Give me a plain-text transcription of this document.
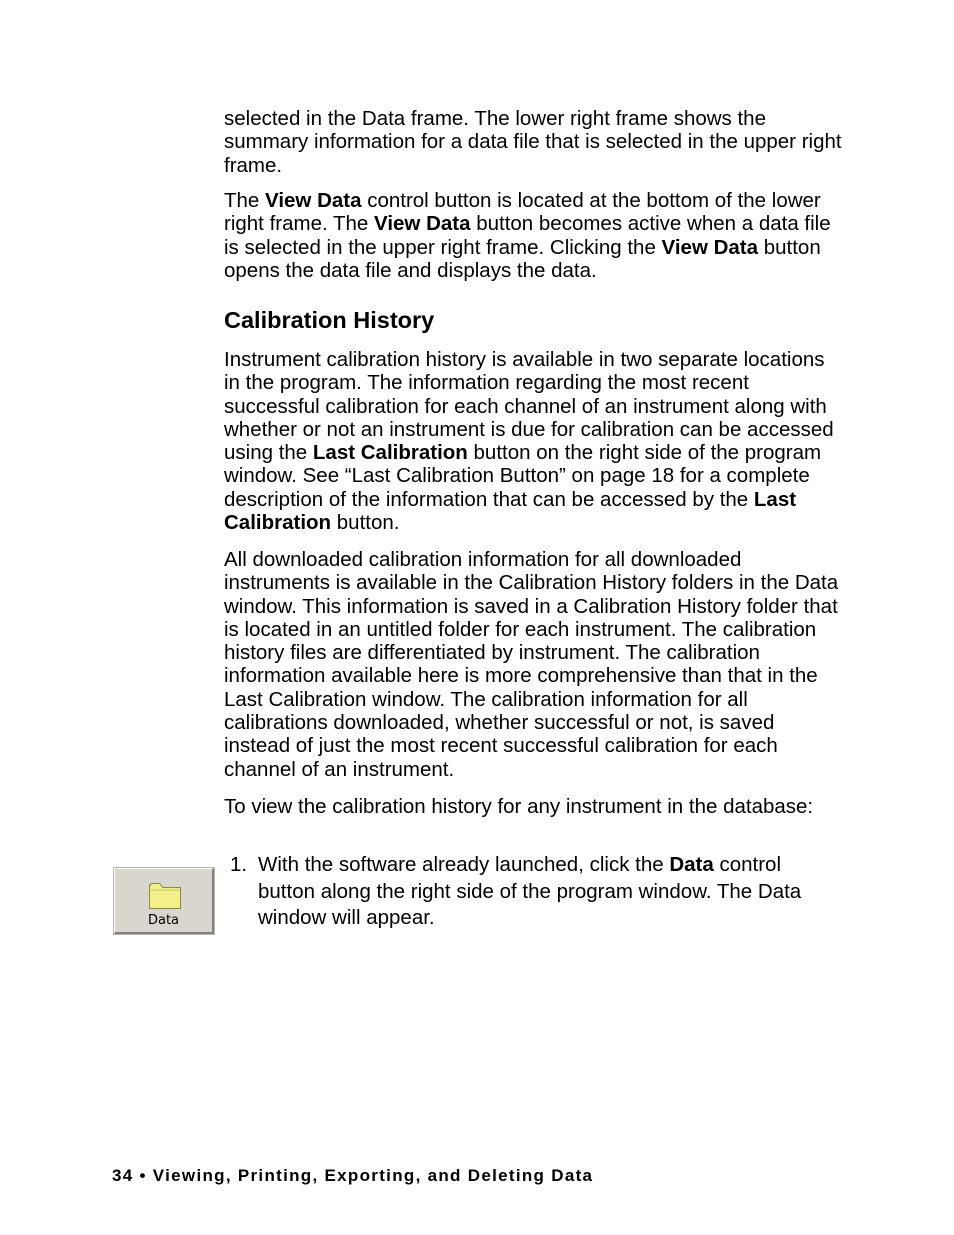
selected in the Data frame. The lower right frame shows the summary information for a data file that is selected in the upper right frame.

The View Data control button is located at the bottom of the lower right frame. The View Data button becomes active when a data file is selected in the upper right frame. Clicking the View Data button opens the data file and displays the data.

Calibration History

Instrument calibration history is available in two separate locations in the program. The information regarding the most recent successful calibration for each channel of an instrument along with whether or not an instrument is due for calibration can be accessed using the Last Calibration button on the right side of the program window. See “Last Calibration Button” on page 18 for a complete description of the information that can be accessed by the Last Calibration button.

All downloaded calibration information for all downloaded instruments is available in the Calibration History folders in the Data window. This information is saved in a Calibration History folder that is located in an untitled folder for each instrument. The calibration history files are differentiated by instrument. The calibration information available here is more comprehensive than that in the Last Calibration window. The calibration information for all calibrations downloaded, whether successful or not, is saved instead of just the most recent successful calibration for each channel of an instrument.

To view the calibration history for any instrument in the database:

Data
1. With the software already launched, click the Data control button along the right side of the program window. The Data window will appear.
34 • Viewing, Printing, Exporting, and Deleting Data
